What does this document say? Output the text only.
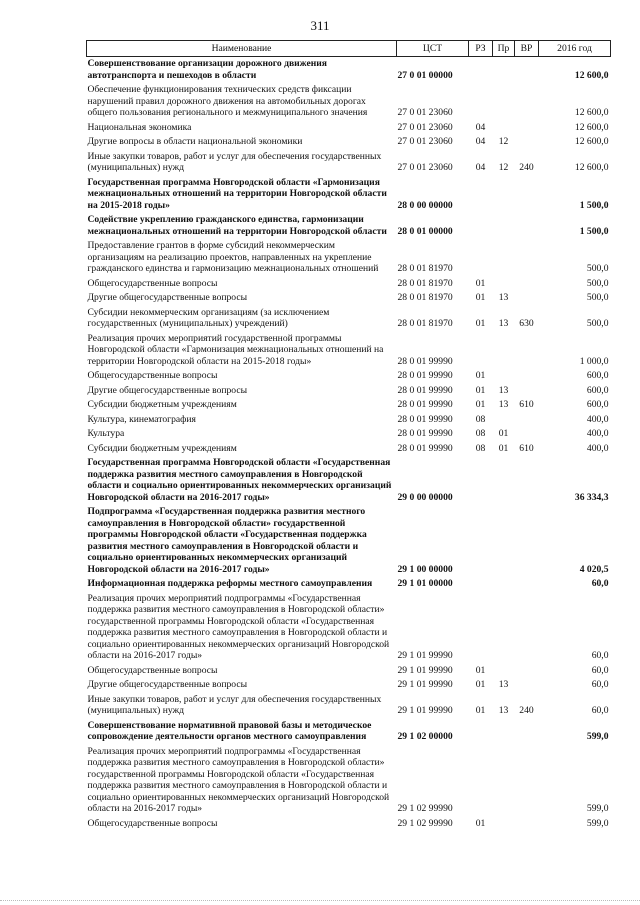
311
Наименование	ЦСТ	РЗ	Пр	ВР	2016 год
Совершенствование организации дорожного движения автотранспорта и пешеходов в области	27 0 01 00000				12 600,0
Обеспечение функционирования технических средств фиксации нарушений правил дорожного движения на автомобильных дорогах общего пользования регионального и межмуниципального значения	27 0 01 23060				12 600,0
Национальная экономика	27 0 01 23060	04			12 600,0
Другие вопросы в области национальной экономики	27 0 01 23060	04	12		12 600,0
Иные закупки товаров, работ и услуг для обеспечения государственных (муниципальных) нужд	27 0 01 23060	04	12	240	12 600,0
Государственная программа Новгородской области «Гармонизация межнациональных отношений на территории Новгородской области на 2015-2018 годы»	28 0 00 00000				1 500,0
Содействие укреплению гражданского единства, гармонизации межнациональных отношений на территории Новгородской области	28 0 01 00000				1 500,0
Предоставление грантов в форме субсидий некоммерческим организациям на реализацию проектов, направленных на укрепление гражданского единства и гармонизацию межнациональных отношений	28 0 01 81970				500,0
Общегосударственные вопросы	28 0 01 81970	01			500,0
Другие общегосударственные вопросы	28 0 01 81970	01	13		500,0
Субсидии некоммерческим организациям (за исключением государственных (муниципальных) учреждений)	28 0 01 81970	01	13	630	500,0
Реализация прочих мероприятий государственной программы Новгородской области «Гармонизация межнациональных отношений на территории Новгородской области на 2015-2018 годы»	28 0 01 99990				1 000,0
Общегосударственные вопросы	28 0 01 99990	01			600,0
Другие общегосударственные вопросы	28 0 01 99990	01	13		600,0
Субсидии бюджетным учреждениям	28 0 01 99990	01	13	610	600,0
Культура, кинематография	28 0 01 99990	08			400,0
Культура	28 0 01 99990	08	01		400,0
Субсидии бюджетным учреждениям	28 0 01 99990	08	01	610	400,0
Государственная программа Новгородской области «Государственная поддержка развития местного самоуправления в Новгородской области и социально ориентированных некоммерческих организаций Новгородской области на 2016-2017 годы»	29 0 00 00000				36 334,3
Подпрограмма «Государственная поддержка развития местного самоуправления в Новгородской области» государственной программы Новгородской области «Государственная поддержка развития местного самоуправления в Новгородской области и социально ориентированных некоммерческих организаций Новгородской области на 2016-2017 годы»	29 1 00 00000				4 020,5
Информационная поддержка реформы местного самоуправления	29 1 01 00000				60,0
Реализация прочих мероприятий подпрограммы «Государственная поддержка развития местного самоуправления в Новгородской области» государственной программы Новгородской области «Государственная поддержка развития местного самоуправления в Новгородской области и социально ориентированных некоммерческих организаций Новгородской области на 2016-2017 годы»	29 1 01 99990				60,0
Общегосударственные вопросы	29 1 01 99990	01			60,0
Другие общегосударственные вопросы	29 1 01 99990	01	13		60,0
Иные закупки товаров, работ и услуг для обеспечения государственных (муниципальных) нужд	29 1 01 99990	01	13	240	60,0
Совершенствование нормативной правовой базы и методическое сопровождение деятельности органов местного самоуправления	29 1 02 00000				599,0
Реализация прочих мероприятий подпрограммы «Государственная поддержка развития местного самоуправления в Новгородской области» государственной программы Новгородской области «Государственная поддержка развития местного самоуправления в Новгородской области и социально ориентированных некоммерческих организаций Новгородской области на 2016-2017 годы»	29 1 02 99990				599,0
Общегосударственные вопросы	29 1 02 99990	01			599,0
